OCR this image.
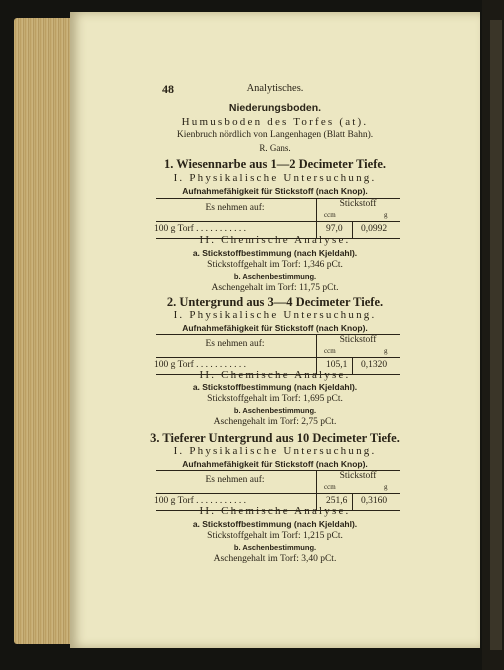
48	Analytisches.
Niederungsboden.
Humusboden des Torfes (at).
Kienbruch nördlich von Langenhagen (Blatt Bahn).
R. Gans.
1. Wiesennarbe aus 1—2 Decimeter Tiefe.
I. Physikalische Untersuchung.
Aufnahmefähigkeit für Stickstoff (nach Knop).
Es nehmen auf:	Stickstoff
ccm	g
100 g Torf . . . . . . . . . . .	97,0 0,0992
II. Chemische Analyse.
a. Stickstoffbestimmung (nach Kjeldahl).
Stickstoffgehalt im Torf: 1,346 pCt.
b. Aschenbestimmung.
Aschengehalt im Torf: 11,75 pCt.
2. Untergrund aus 3—4 Decimeter Tiefe.
I. Physikalische Untersuchung.
Aufnahmefähigkeit für Stickstoff (nach Knop).
Es nehmen auf:	Stickstoff
ccm	g
100 g Torf . . . . . . . . . . .	105,1 0,1320
II. Chemische Analyse.
a. Stickstoffbestimmung (nach Kjeldahl).
Stickstoffgehalt im Torf: 1,695 pCt.
b. Aschenbestimmung.
Aschengehalt im Torf: 2,75 pCt.
3. Tieferer Untergrund aus 10 Decimeter Tiefe.
I. Physikalische Untersuchung.
Aufnahmefähigkeit für Stickstoff (nach Knop).
Es nehmen auf:	Stickstoff
ccm	g
100 g Torf . . . . . . . . . . .	251,6 0,3160
II. Chemische Analyse.
a. Stickstoffbestimmung (nach Kjeldahl).
Stickstoffgehalt im Torf: 1,215 pCt.
b. Aschenbestimmung.
Aschengehalt im Torf: 3,40 pCt.
